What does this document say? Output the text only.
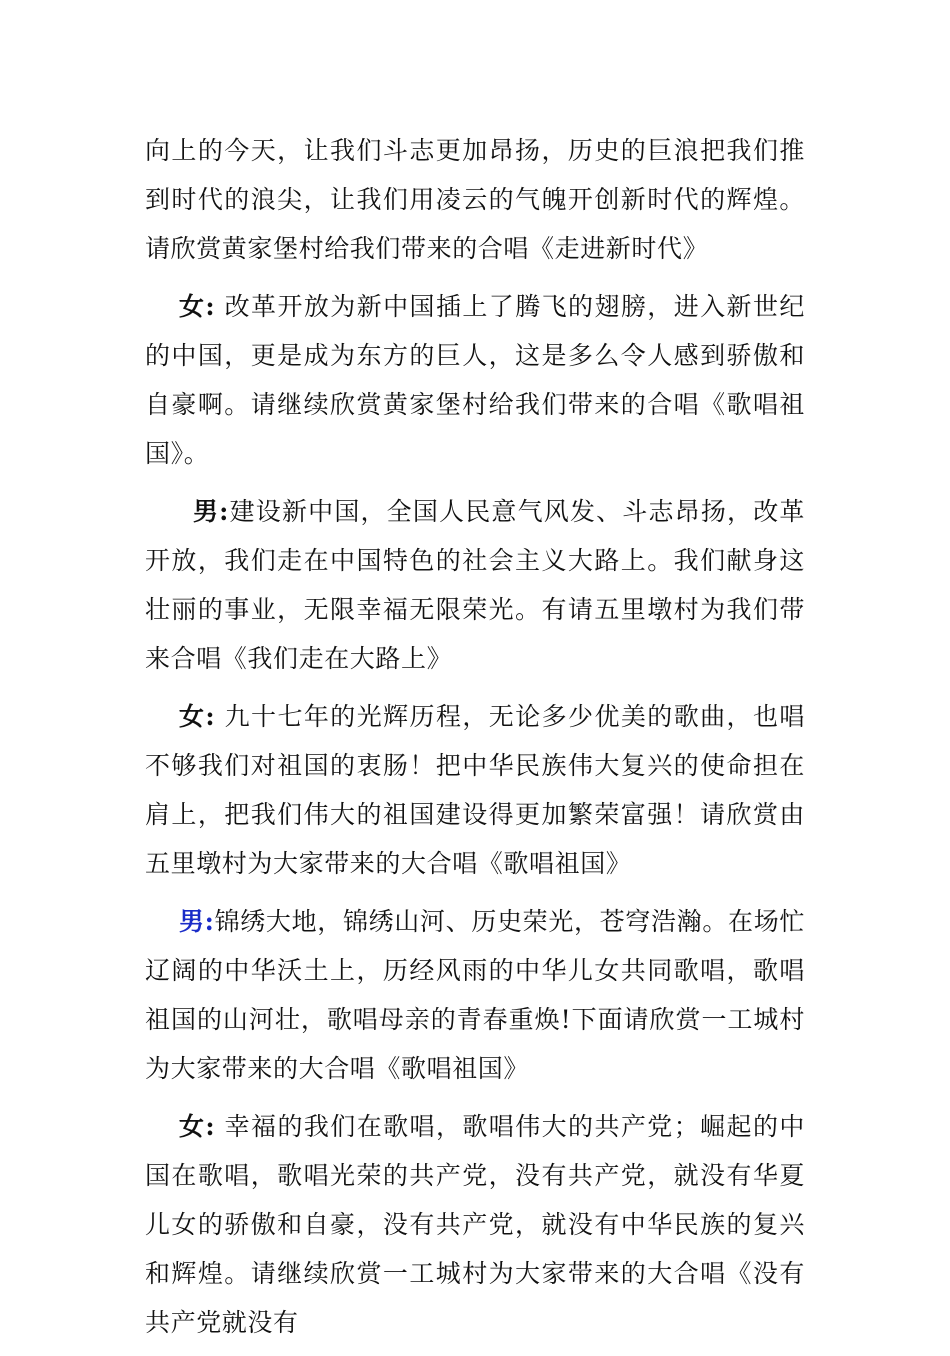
向上的今天，让我们斗志更加昂扬，历史的巨浪把我们推到时代的浪尖，让我们用凌云的气魄开创新时代的辉煌。请欣赏黄家堡村给我们带来的合唱《走进新时代》

女: 改革开放为新中国插上了腾飞的翅膀，进入新世纪的中国，更是成为东方的巨人，这是多么令人感到骄傲和自豪啊。请继续欣赏黄家堡村给我们带来的合唱《歌唱祖国》。

男:建设新中国，全国人民意气风发、斗志昂扬，改革开放，我们走在中国特色的社会主义大路上。我们献身这壮丽的事业，无限幸福无限荣光。有请五里墩村为我们带来合唱《我们走在大路上》

女: 九十七年的光辉历程，无论多少优美的歌曲，也唱不够我们对祖国的衷肠！把中华民族伟大复兴的使命担在肩上，把我们伟大的祖国建设得更加繁荣富强！请欣赏由五里墩村为大家带来的大合唱《歌唱祖国》

男:锦绣大地，锦绣山河、历史荣光，苍穹浩瀚。在场忙辽阔的中华沃土上，历经风雨的中华儿女共同歌唱，歌唱祖国的山河壮，歌唱母亲的青春重焕!下面请欣赏一工城村为大家带来的大合唱《歌唱祖国》

女: 幸福的我们在歌唱，歌唱伟大的共产党；崛起的中国在歌唱，歌唱光荣的共产党，没有共产党，就没有华夏儿女的骄傲和自豪，没有共产党，就没有中华民族的复兴和辉煌。请继续欣赏一工城村为大家带来的大合唱《没有共产党就没有
